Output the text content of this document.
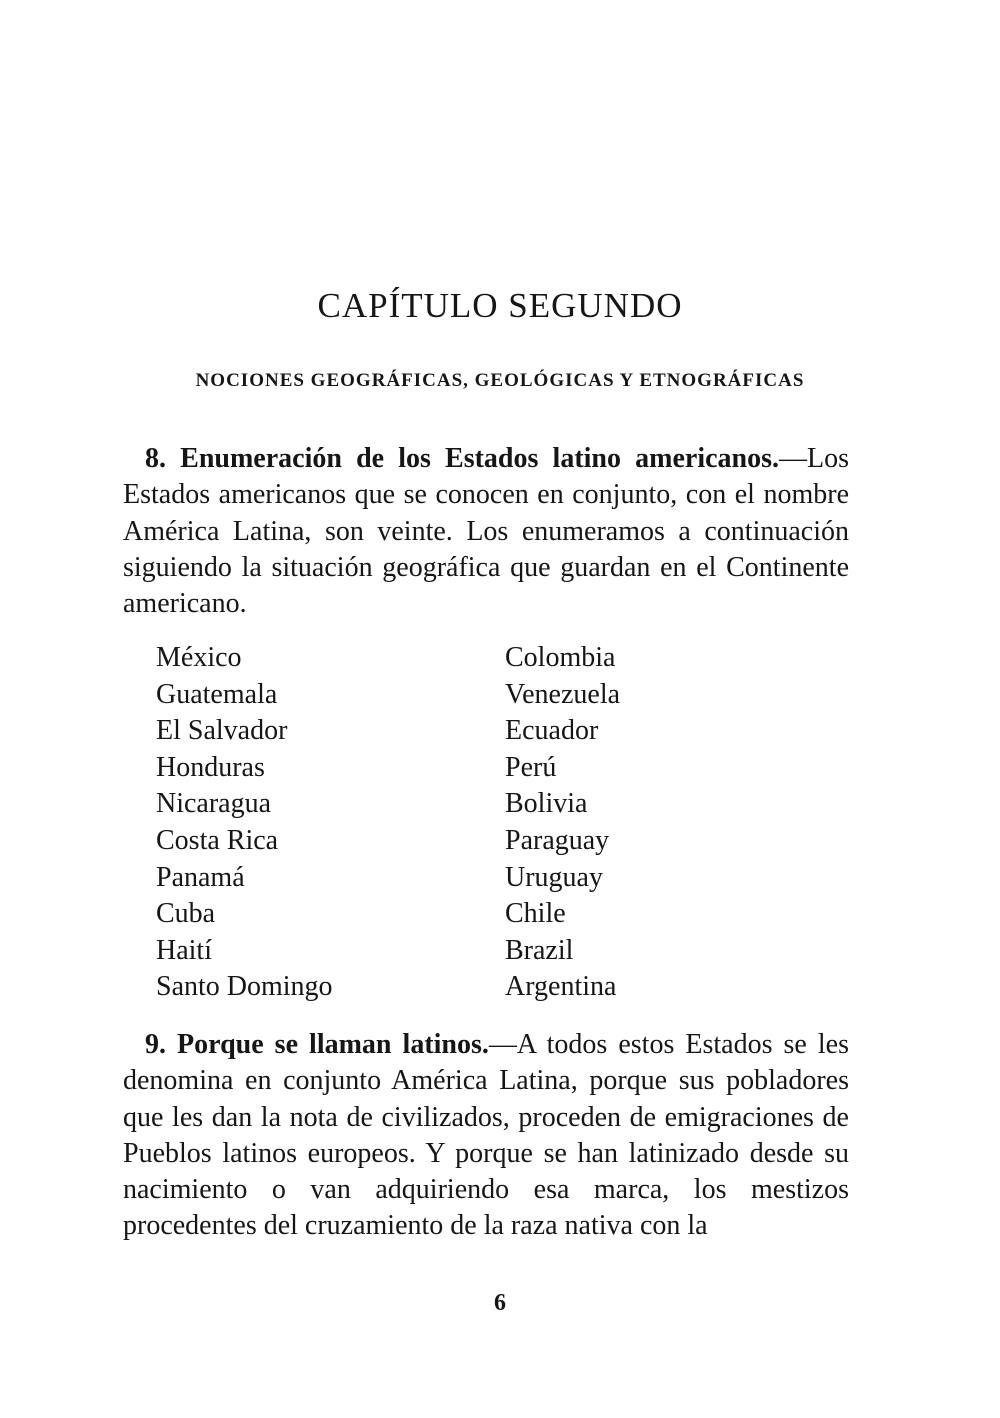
CAPÍTULO SEGUNDO
NOCIONES GEOGRÁFICAS, GEOLÓGICAS Y ETNOGRÁFICAS

8. Enumeración de los Estados latino americanos.—Los Estados americanos que se conocen en conjunto, con el nombre América Latina, son veinte. Los enumeramos a continuación siguiendo la situación geográfica que guardan en el Continente americano.

México
Guatemala
El Salvador
Honduras
Nicaragua
Costa Rica
Panamá
Cuba
Haití
Santo Domingo
Colombia
Venezuela
Ecuador
Perú
Bolivia
Paraguay
Uruguay
Chile
Brazil
Argentina

9. Porque se llaman latinos.—A todos estos Estados se les denomina en conjunto América Latina, porque sus pobladores que les dan la nota de civilizados, proceden de emigraciones de Pueblos latinos europeos. Y porque se han latinizado desde su nacimiento o van adquiriendo esa marca, los mestizos procedentes del cruzamiento de la raza nativa con la

6
